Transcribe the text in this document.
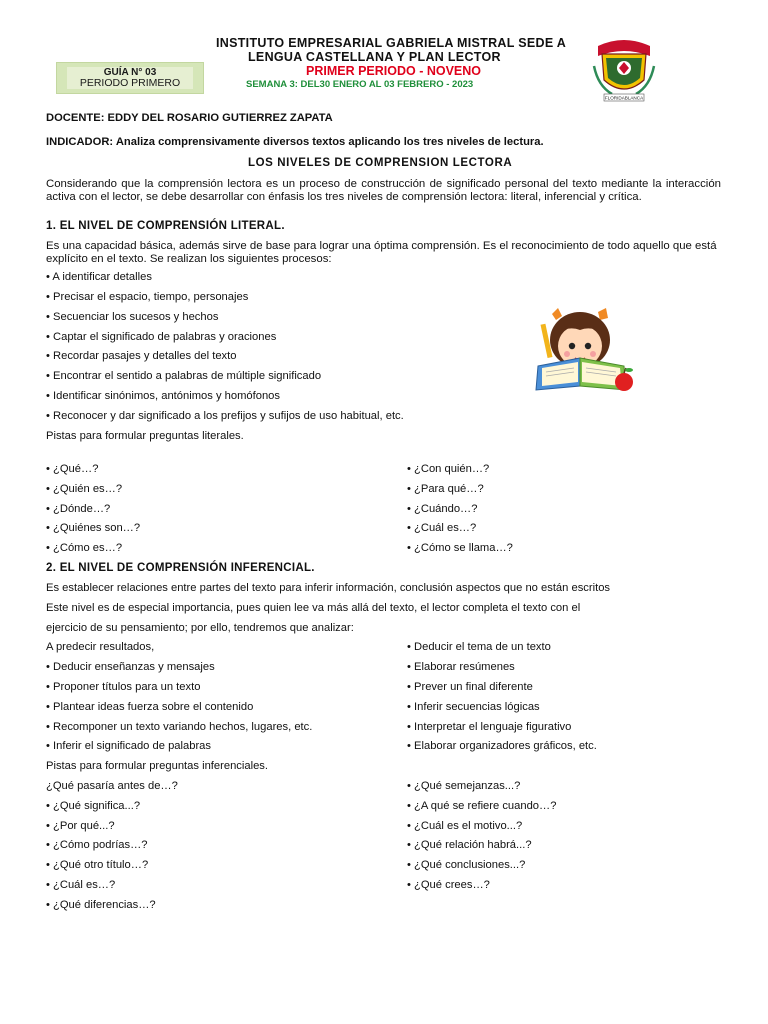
INSTITUTO EMPRESARIAL GABRIELA MISTRAL SEDE A
LENGUA CASTELLANA Y PLAN LECTOR
PRIMER PERIODO - NOVENO
SEMANA 3: DEL30 ENERO AL 03 FEBRERO - 2023
GUÍA N° 03
PERIODO PRIMERO
FLORIDABLANCA
DOCENTE: EDDY DEL ROSARIO GUTIERREZ ZAPATA
INDICADOR: Analiza comprensivamente diversos textos aplicando los tres niveles de lectura.
LOS NIVELES DE COMPRENSION LECTORA
Considerando que la comprensión lectora es un proceso de construcción de significado personal del texto mediante la interacción activa con el lector, se debe desarrollar con énfasis los tres niveles de comprensión lectora: literal, inferencial y crítica.
1. EL NIVEL DE COMPRENSIÓN LITERAL.
Es una capacidad básica, además sirve de base para lograr una óptima comprensión. Es el reconocimiento de todo aquello que está explícito en el texto. Se realizan los siguientes procesos:
• A identificar detalles
• Precisar el espacio, tiempo, personajes
• Secuenciar los sucesos y hechos
• Captar el significado de palabras y oraciones
• Recordar pasajes y detalles del texto
• Encontrar el sentido a palabras de múltiple significado
• Identificar sinónimos, antónimos y homófonos
• Reconocer y dar significado a los prefijos y sufijos de uso habitual, etc.
Pistas para formular preguntas literales.
• ¿Qué…?
• ¿Quién es…?
• ¿Dónde…?
• ¿Quiénes son…?
• ¿Cómo es…?
• ¿Con quién…?
• ¿Para qué…?
• ¿Cuándo…?
• ¿Cuál es…?
• ¿Cómo se llama…?
2. EL NIVEL DE COMPRENSIÓN INFERENCIAL.
Es establecer relaciones entre partes del texto para inferir información, conclusión aspectos que no están escritos
Este nivel es de especial importancia, pues quien lee va más allá del texto, el lector completa el texto con el
ejercicio de su pensamiento; por ello, tendremos que analizar:
A predecir resultados,
• Deducir enseñanzas y mensajes
• Proponer títulos para un texto
• Plantear ideas fuerza sobre el contenido
• Recomponer un texto variando hechos, lugares, etc.
• Inferir el significado de palabras
• Deducir el tema de un texto
• Elaborar resúmenes
• Prever un final diferente
• Inferir secuencias lógicas
• Interpretar el lenguaje figurativo
• Elaborar organizadores gráficos, etc.
Pistas para formular preguntas inferenciales.
¿Qué pasaría antes de…?
• ¿Qué significa...?
• ¿Por qué...?
• ¿Cómo podrías…?
• ¿Qué otro título…?
• ¿Cuál es…?
• ¿Qué diferencias…?
• ¿Qué semejanzas...?
• ¿A qué se refiere cuando…?
• ¿Cuál es el motivo...?
• ¿Qué relación habrá...?
• ¿Qué conclusiones...?
• ¿Qué crees…?
